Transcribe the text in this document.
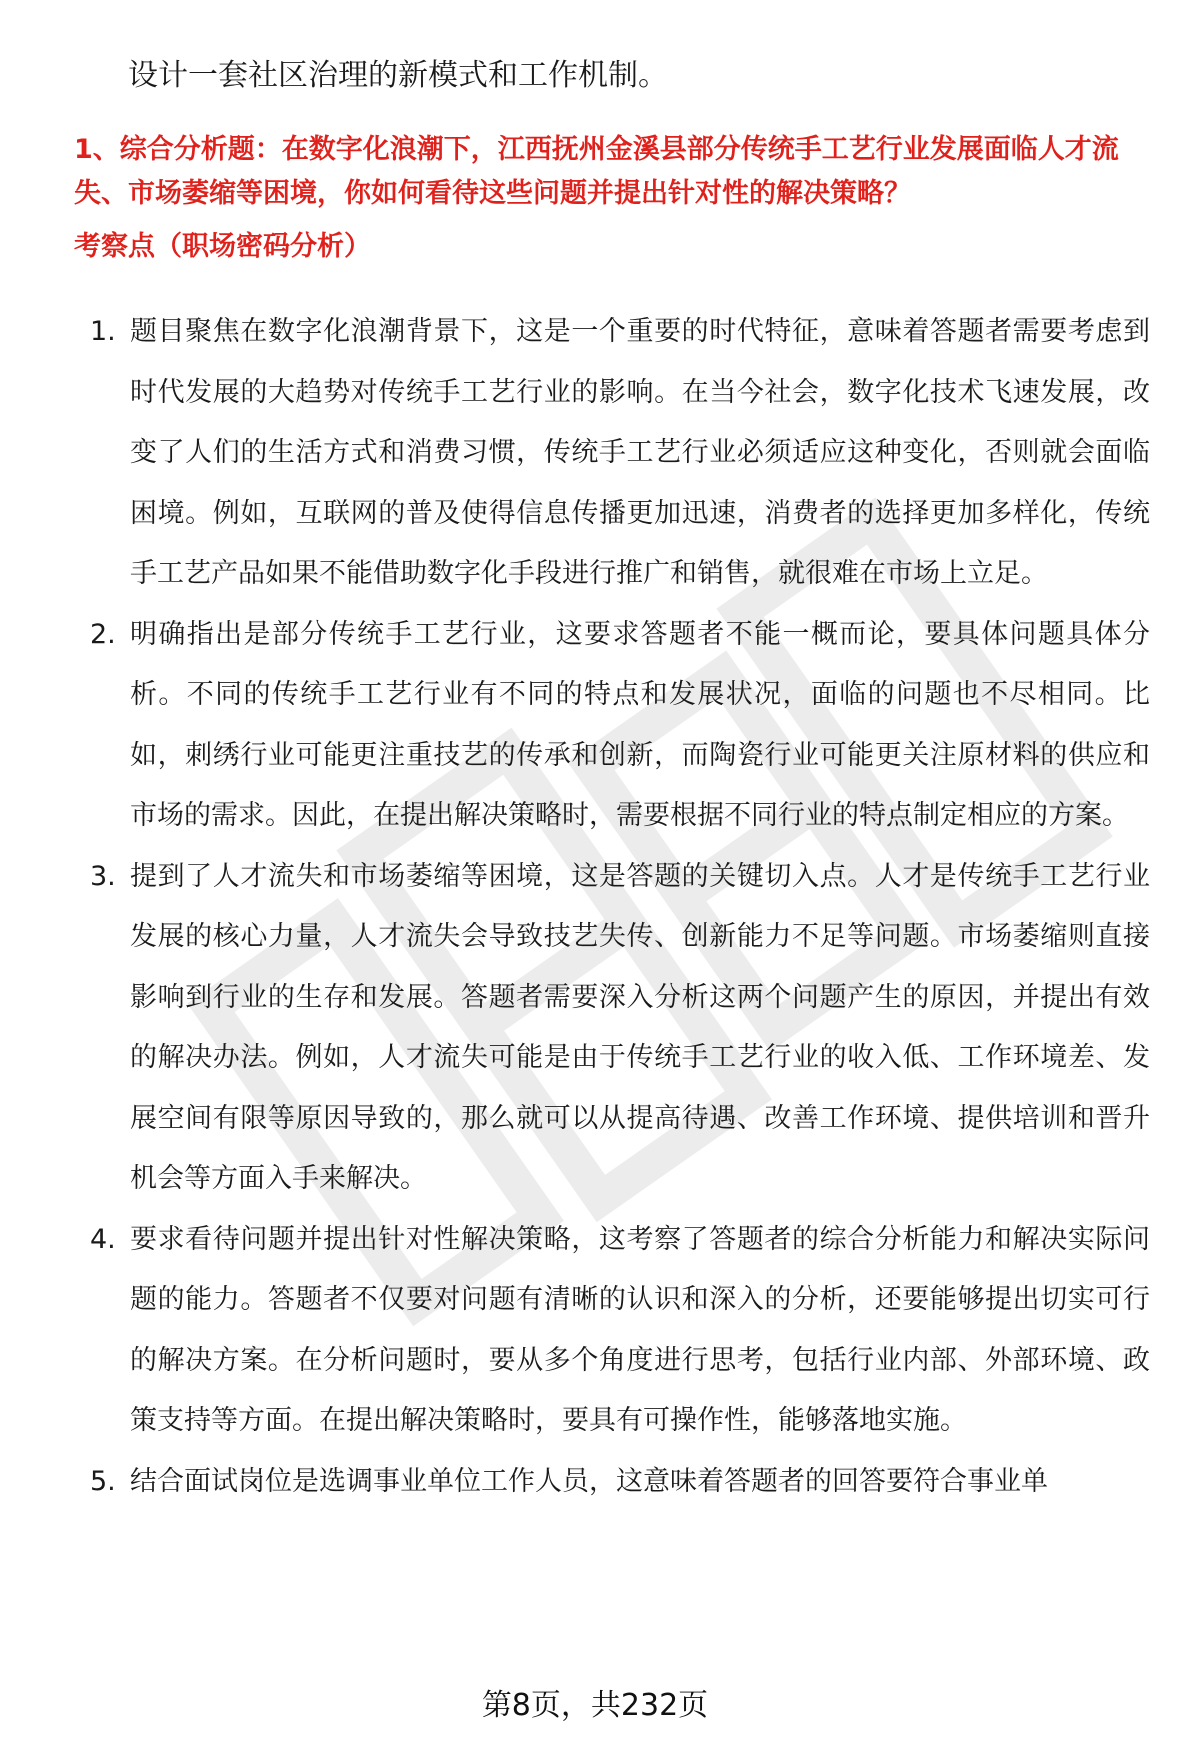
设计一套社区治理的新模式和工作机制。

1、综合分析题：在数字化浪潮下，江西抚州金溪县部分传统手工艺行业发展面临人才流失、市场萎缩等困境，你如何看待这些问题并提出针对性的解决策略？

考察点（职场密码分析）

1. 题目聚焦在数字化浪潮背景下，这是一个重要的时代特征，意味着答题者需要考虑到时代发展的大趋势对传统手工艺行业的影响。在当今社会，数字化技术飞速发展，改变了人们的生活方式和消费习惯，传统手工艺行业必须适应这种变化，否则就会面临困境。例如，互联网的普及使得信息传播更加迅速，消费者的选择更加多样化，传统手工艺产品如果不能借助数字化手段进行推广和销售，就很难在市场上立足。
2. 明确指出是部分传统手工艺行业，这要求答题者不能一概而论，要具体问题具体分析。不同的传统手工艺行业有不同的特点和发展状况，面临的问题也不尽相同。比如，刺绣行业可能更注重技艺的传承和创新，而陶瓷行业可能更关注原材料的供应和市场的需求。因此，在提出解决策略时，需要根据不同行业的特点制定相应的方案。
3. 提到了人才流失和市场萎缩等困境，这是答题的关键切入点。人才是传统手工艺行业发展的核心力量，人才流失会导致技艺失传、创新能力不足等问题。市场萎缩则直接影响到行业的生存和发展。答题者需要深入分析这两个问题产生的原因，并提出有效的解决办法。例如，人才流失可能是由于传统手工艺行业的收入低、工作环境差、发展空间有限等原因导致的，那么就可以从提高待遇、改善工作环境、提供培训和晋升机会等方面入手来解决。
4. 要求看待问题并提出针对性解决策略，这考察了答题者的综合分析能力和解决实际问题的能力。答题者不仅要对问题有清晰的认识和深入的分析，还要能够提出切实可行的解决方案。在分析问题时，要从多个角度进行思考，包括行业内部、外部环境、政策支持等方面。在提出解决策略时，要具有可操作性，能够落地实施。
5. 结合面试岗位是选调事业单位工作人员，这意味着答题者的回答要符合事业单
第8页，共232页
